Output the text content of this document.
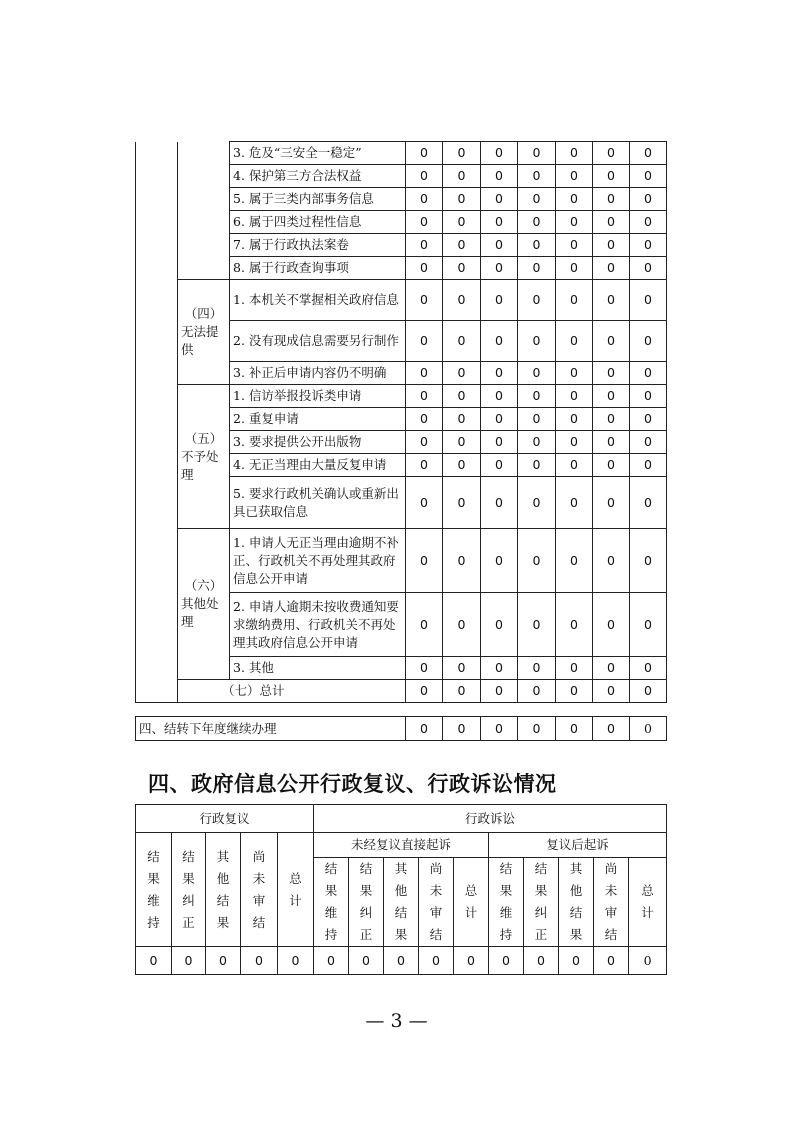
		3. 危及“三安全一稳定”	0	0	0	0	0	0	0
		4. 保护第三方合法权益	0	0	0	0	0	0	0
		5. 属于三类内部事务信息	0	0	0	0	0	0	0
		6. 属于四类过程性信息	0	0	0	0	0	0	0
		7. 属于行政执法案卷	0	0	0	0	0	0	0
		8. 属于行政查询事项	0	0	0	0	0	0	0

	（四）
无法提供	1. 本机关不掌握相关政府信息	0	0	0	0	0	0	0
		2. 没有现成信息需要另行制作	0	0	0	0	0	0	0
		3. 补正后申请内容仍不明确	0	0	0	0	0	0	0

	（五）
不予处理	1. 信访举报投诉类申请	0	0	0	0	0	0	0
		2. 重复申请	0	0	0	0	0	0	0
		3. 要求提供公开出版物	0	0	0	0	0	0	0
		4. 无正当理由大量反复申请	0	0	0	0	0	0	0
		5. 要求行政机关确认或重新出具已获取信息	0	0	0	0	0	0	0

	（六）
其他处理	1. 申请人无正当理由逾期不补正、行政机关不再处理其政府信息公开申请	0	0	0	0	0	0	0
		2. 申请人逾期未按收费通知要求缴纳费用、行政机关不再处理其政府信息公开申请	0	0	0	0	0	0	0
		3. 其他	0	0	0	0	0	0	0
	（七）总计		0	0	0	0	0	0	0
四、结转下年度继续办理	0	0	0	0	0	0	0
四、政府信息公开行政复议、行政诉讼情况
行政复议					行政诉讼									

结果维持	结果纠正	其他结果	尚未审结	总计	未经复议直接起诉					复议后起诉				

					结果维持	结果纠正	其他结果	尚未审结	总计	结果维持	结果纠正	其他结果	尚未审结	总计

0	0	0	0	0	0	0	0	0	0	0	0	0	0	0
— 3 —
